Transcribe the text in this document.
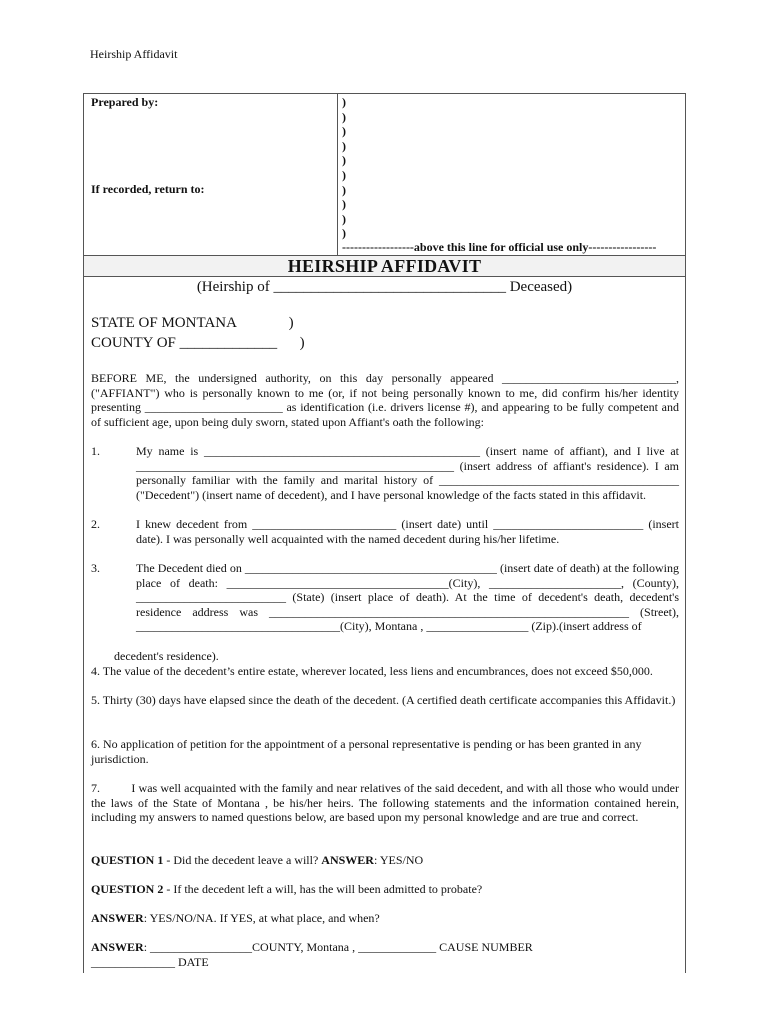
Heirship Affidavit
Prepared by:
If recorded, return to:
)
)
)
)
)
)
)
)
)
)
------------------above this line for official use only-----------------
HEIRSHIP AFFIDAVIT
(Heirship of _______________________________ Deceased)
STATE OF MONTANA              )
COUNTY OF _____________      )
BEFORE ME, the undersigned authority, on this day personally appeared _____________________________, ("AFFIANT") who is personally known to me (or, if not being personally known to me, did confirm his/her identity presenting _______________________ as identification (i.e. drivers license #), and appearing to be fully competent and of sufficient age, upon being duly sworn, stated upon Affiant's oath the following:
1.	My name is ______________________________________________ (insert name of affiant), and I live at _____________________________________________________ (insert address of affiant's residence). I am personally familiar with the family and marital history of ________________________________________ ("Decedent") (insert name of decedent), and I have personal knowledge of the facts stated in this affidavit.
2.	I knew decedent from ________________________ (insert date) until _________________________ (insert date). I was personally well acquainted with the named decedent during his/her lifetime.
3.	The Decedent died on __________________________________________ (insert date of death) at the following place of death: _____________________________________(City), ______________________, (County), _________________________ (State) (insert place of death). At the time of decedent's death, decedent's residence address was ____________________________________________________________ (Street), __________________________________(City), Montana , _________________ (Zip).(insert address of
decedent's residence).
4. The value of the decedent’s entire estate, wherever located, less liens and encumbrances, does not exceed $50,000.
5. Thirty (30) days have elapsed since the death of the decedent. (A certified death certificate accompanies this Affidavit.)
6. No application of petition for the appointment of a personal representative is pending or has been granted in any jurisdiction.
7.          I was well acquainted with the family and near relatives of the said decedent, and with all those who would under the laws of the State of Montana , be his/her heirs. The following statements and the information contained herein, including my answers to named questions below, are based upon my personal knowledge and are true and correct.
QUESTION 1 - Did the decedent leave a will? ANSWER: YES/NO
QUESTION 2 - If the decedent left a will, has the will been admitted to probate?
ANSWER: YES/NO/NA. If YES, at what place, and when?
ANSWER: _________________COUNTY, Montana , _____________ CAUSE NUMBER
______________ DATE
